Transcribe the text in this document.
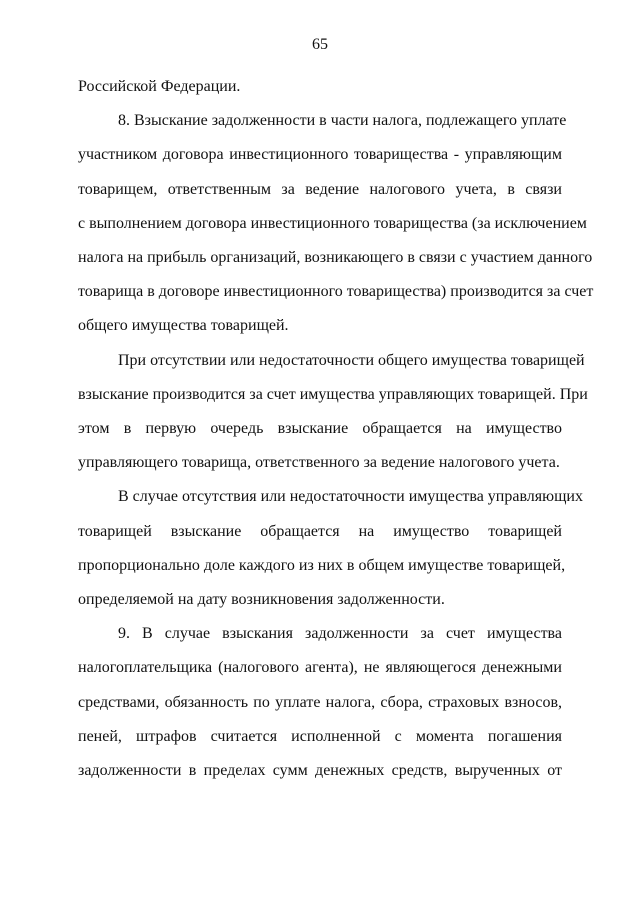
65

Российской Федерации.

8. Взыскание задолженности в части налога, подлежащего уплате
участником договора инвестиционного товарищества - управляющим
товарищем, ответственным за ведение налогового учета, в связи
с выполнением договора инвестиционного товарищества (за исключением
налога на прибыль организаций, возникающего в связи с участием данного
товарища в договоре инвестиционного товарищества) производится за счет
общего имущества товарищей.

При отсутствии или недостаточности общего имущества товарищей
взыскание производится за счет имущества управляющих товарищей. При
этом в первую очередь взыскание обращается на имущество
управляющего товарища, ответственного за ведение налогового учета.

В случае отсутствия или недостаточности имущества управляющих
товарищей взыскание обращается на имущество товарищей
пропорционально доле каждого из них в общем имуществе товарищей,
определяемой на дату возникновения задолженности.

9. В случае взыскания задолженности за счет имущества
налогоплательщика (налогового агента), не являющегося денежными
средствами, обязанность по уплате налога, сбора, страховых взносов,
пеней, штрафов считается исполненной с момента погашения
задолженности в пределах сумм денежных средств, вырученных от
